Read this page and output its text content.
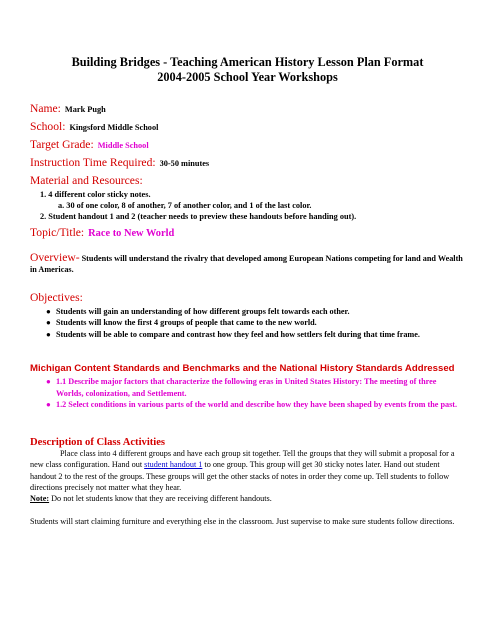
Building Bridges - Teaching American History Lesson Plan Format
2004-2005 School Year Workshops
Name: Mark Pugh
School: Kingsford Middle School
Target Grade: Middle School
Instruction Time Required: 30-50 minutes
Material and Resources:
1. 4 different color sticky notes.
a. 30 of one color, 8 of another, 7 of another color, and 1 of the last color.
2. Student handout 1 and 2 (teacher needs to preview these handouts before handing out).
Topic/Title: Race to New World
Overview- Students will understand the rivalry that developed among European Nations competing for land and Wealth in Americas.
Objectives:
● Students will gain an understanding of how different groups felt towards each other.
● Students will know the first 4 groups of people that came to the new world.
● Students will be able to compare and contrast how they feel and how settlers felt during that time frame.
Michigan Content Standards and Benchmarks and the National History Standards Addressed
● 1.1 Describe major factors that characterize the following eras in United States History: The meeting of three Worlds, colonization, and Settlement.
● 1.2 Select conditions in various parts of the world and describe how they have been shaped by events from the past.
Description of Class Activities
Place class into 4 different groups and have each group sit together. Tell the groups that they will submit a proposal for a new class configuration. Hand out student handout 1 to one group. This group will get 30 sticky notes later. Hand out student handout 2 to the rest of the groups. These groups will get the other stacks of notes in order they come up. Tell students to follow directions precisely not matter what they hear.
Note: Do not let students know that they are receiving different handouts.
Students will start claiming furniture and everything else in the classroom. Just supervise to make sure students follow directions.
